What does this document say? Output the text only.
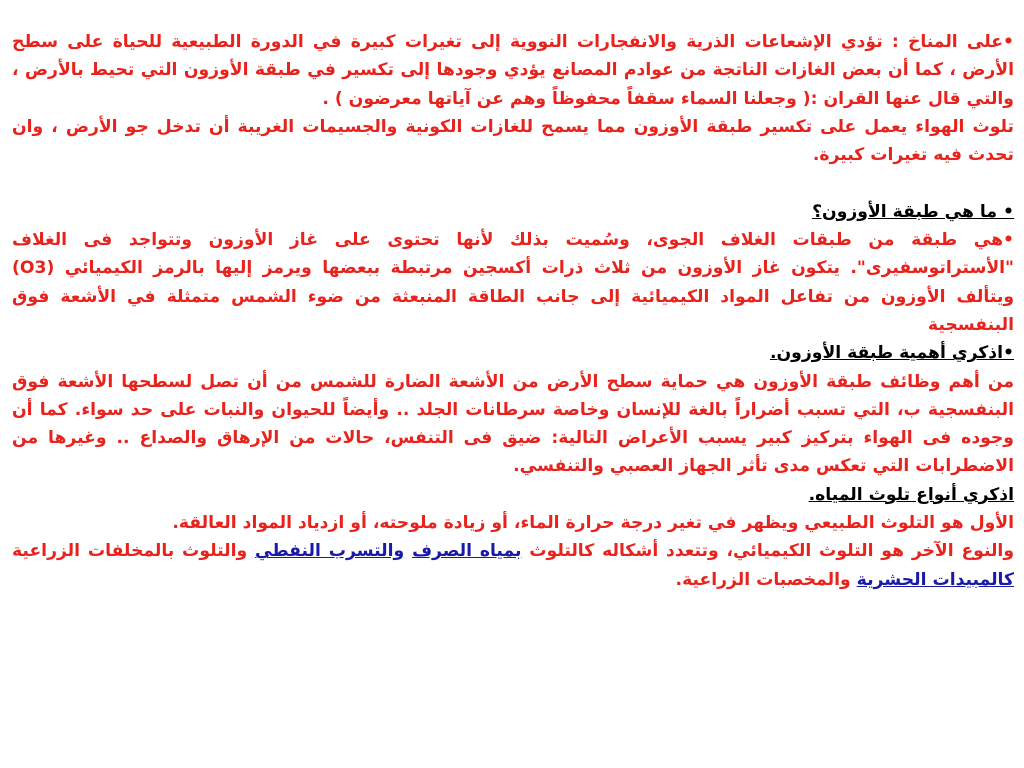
•على المناخ : تؤدي الإشعاعات الذرية والانفجارات النووية إلى تغيرات كبيرة في الدورة الطبيعية للحياة على سطح الأرض ، كما أن بعض الغازات الناتجة من عوادم المصانع يؤدي وجودها إلى تكسير في طبقة الأوزون التي تحيط بالأرض ، والتي قال عنها القران :( وجعلنا السماء سقفاً محفوظاً وهم عن آياتها معرضون ) .
تلوث الهواء يعمل على تكسير طبقة الأوزون مما يسمح للغازات الكونية والجسيمات الغريبة أن تدخل جو الأرض ، وان تحدث فيه تغيرات كبيرة.
• ما هي طبقة الأوزون؟
•هي طبقة من طبقات الغلاف الجوى، وسُميت بذلك لأنها تحتوى على غاز الأوزون وتتواجد فى الغلاف "الأستراتوسفيرى". يتكون غاز الأوزون من ثلاث ذرات أكسجين مرتبطة ببعضها ويرمز إليها بالرمز الكيميائي (O3) ويتألف الأوزون من تفاعل المواد الكيميائية إلى جانب الطاقة المنبعثة من ضوء الشمس متمثلة في الأشعة فوق البنفسجية
•اذكري أهمية طبقة الأوزون.
من أهم وظائف طبقة الأوزون هي حماية سطح الأرض من الأشعة الضارة للشمس من أن تصل لسطحها الأشعة فوق البنفسجية ب، التي تسبب أضراراً بالغة للإنسان وخاصة سرطانات الجلد .. وأيضاً للحيوان والنبات على حد سواء. كما أن وجوده فى الهواء بتركيز كبير يسبب الأعراض التالية: ضيق فى التنفس، حالات من الإرهاق والصداع .. وغيرها من الاضطرابات التي تعكس مدى تأثر الجهاز العصبي والتنفسي.
اذكري أنواع تلوث المياه.
الأول هو التلوث الطبيعي ويظهر في تغير درجة حرارة الماء، أو زيادة ملوحته، أو ازدياد المواد العالقة.
والنوع الآخر هو التلوث الكيميائي، وتتعدد أشكاله كالتلوث بمياه الصرف والتسرب النفطي والتلوث بالمخلفات الزراعية كالمبيدات الحشرية والمخصبات الزراعية.
